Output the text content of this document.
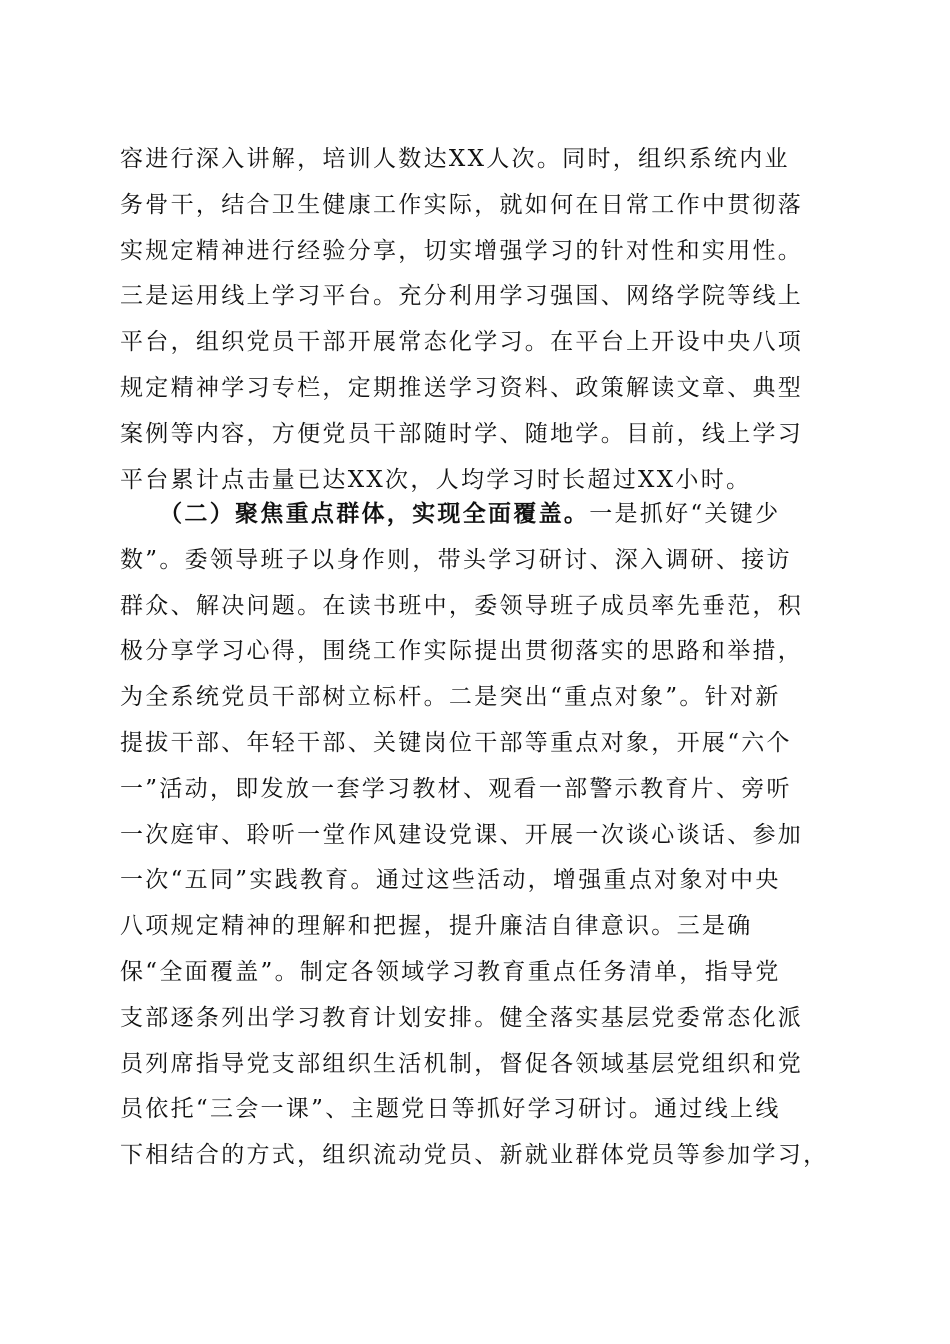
容进行深入讲解，培训人数达XX人次。同时，组织系统内业
务骨干，结合卫生健康工作实际，就如何在日常工作中贯彻落
实规定精神进行经验分享，切实增强学习的针对性和实用性。
三是运用线上学习平台。充分利用学习强国、网络学院等线上
平台，组织党员干部开展常态化学习。在平台上开设中央八项
规定精神学习专栏，定期推送学习资料、政策解读文章、典型
案例等内容，方便党员干部随时学、随地学。目前，线上学习
平台累计点击量已达XX次，人均学习时长超过XX小时。
　　（二）聚焦重点群体，实现全面覆盖。一是抓好“关键少
数”。委领导班子以身作则，带头学习研讨、深入调研、接访
群众、解决问题。在读书班中，委领导班子成员率先垂范，积
极分享学习心得，围绕工作实际提出贯彻落实的思路和举措，
为全系统党员干部树立标杆。二是突出“重点对象”。针对新
提拔干部、年轻干部、关键岗位干部等重点对象，开展“六个
一”活动，即发放一套学习教材、观看一部警示教育片、旁听
一次庭审、聆听一堂作风建设党课、开展一次谈心谈话、参加
一次“五同”实践教育。通过这些活动，增强重点对象对中央
八项规定精神的理解和把握，提升廉洁自律意识。三是确
保“全面覆盖”。制定各领域学习教育重点任务清单，指导党
支部逐条列出学习教育计划安排。健全落实基层党委常态化派
员列席指导党支部组织生活机制，督促各领域基层党组织和党
员依托“三会一课”、主题党日等抓好学习研讨。通过线上线
下相结合的方式，组织流动党员、新就业群体党员等参加学习，
